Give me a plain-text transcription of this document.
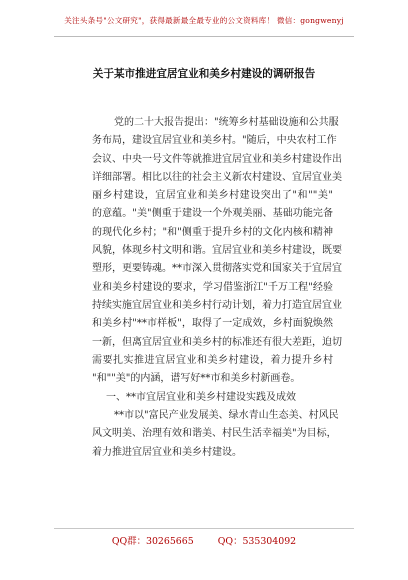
关注头条号"公文研究"，获得最新最全最专业的公文资料库！ 微信：gongwenyj
关于某市推进宜居宜业和美乡村建设的调研报告
党的二十大报告提出："统筹乡村基础设施和公共服
务布局，建设宜居宜业和美乡村。"随后，中央农村工作
会议、中央一号文件等就推进宜居宜业和美乡村建设作出
详细部署。相比以往的社会主义新农村建设、宜居宜业美
丽乡村建设，宜居宜业和美乡村建设突出了"和""美"
的意蕴。"美"侧重于建设一个外观美丽、基础功能完备
的现代化乡村；"和"侧重于提升乡村的文化内核和精神
风貌，体现乡村文明和谐。宜居宜业和美乡村建设，既要
塑形，更要铸魂。**市深入贯彻落实党和国家关于宜居宜
业和美乡村建设的要求，学习借鉴浙江"千万工程"经验
持续实施宜居宜业和美乡村行动计划，着力打造宜居宜业
和美乡村"**市样板"，取得了一定成效，乡村面貌焕然
一新，但离宜居宜业和美乡村的标准还有很大差距，迫切
需要扎实推进宜居宜业和美乡村建设，着力提升乡村
"和""美"的内涵，谱写好**市和美乡村新画卷。
一、**市宜居宜业和美乡村建设实践及成效
**市以"富民产业发展美、绿水青山生态美、村风民
风文明美、治理有效和谐美、村民生活幸福美"为目标，
着力推进宜居宜业和美乡村建设。
QQ群：30265665	QQ：535304092
